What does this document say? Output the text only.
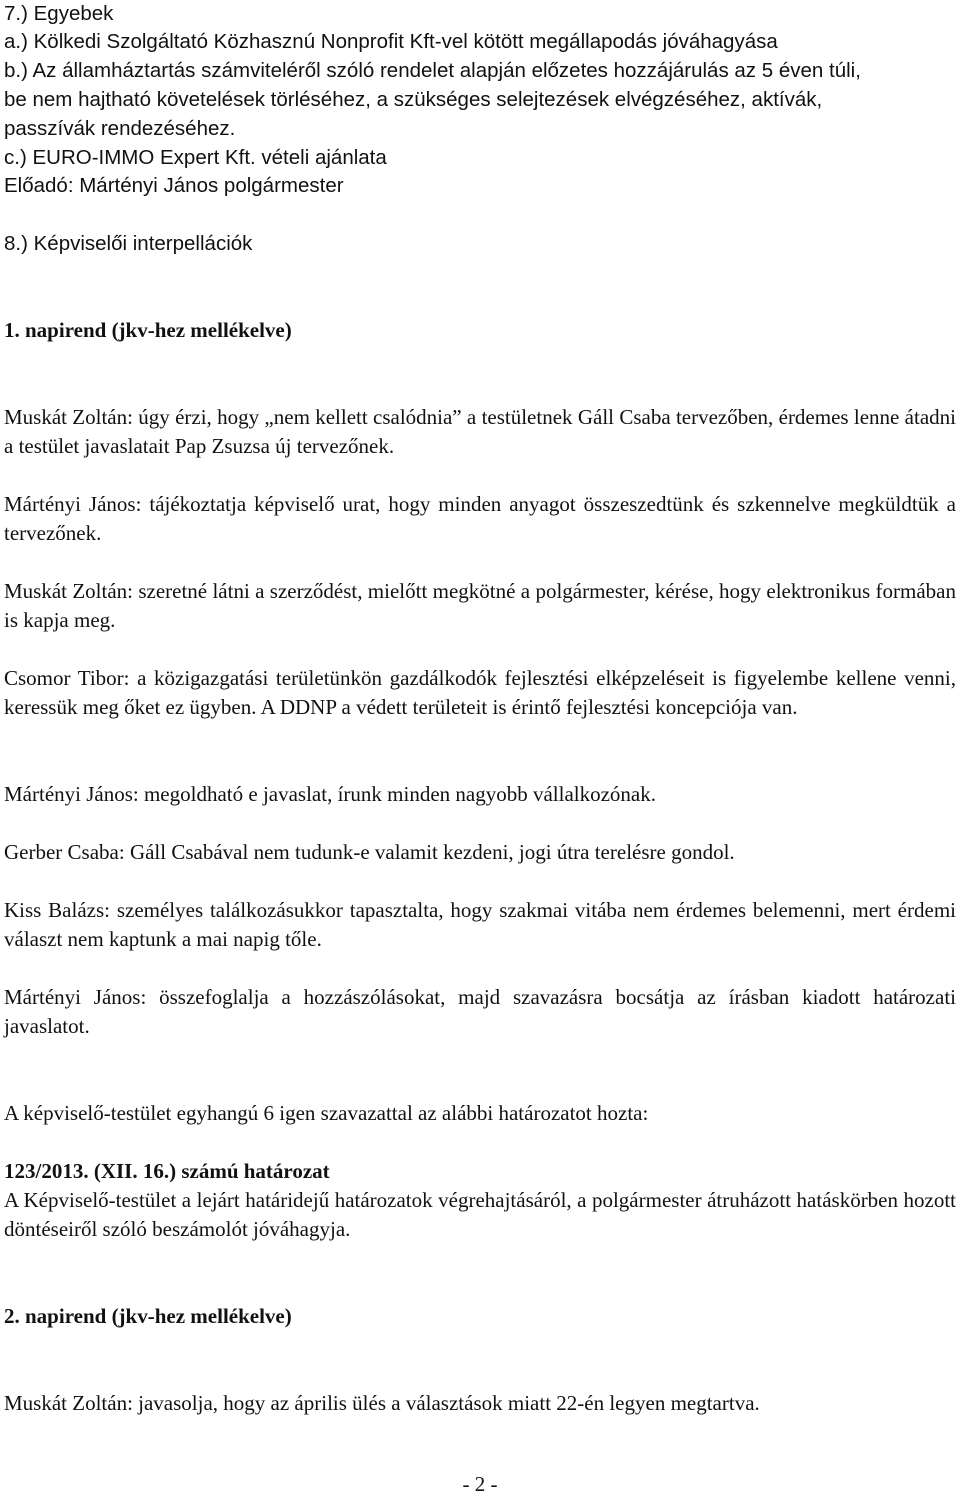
7.) Egyebek
a.) Kölkedi Szolgáltató Közhasznú Nonprofit Kft-vel kötött megállapodás jóváhagyása
b.) Az államháztartás számviteléről szóló rendelet alapján előzetes hozzájárulás az 5 éven túli,
be nem hajtható követelések törléséhez, a szükséges selejtezések elvégzéséhez, aktívák,
passzívák rendezéséhez.
c.) EURO-IMMO Expert Kft. vételi ajánlata
Előadó: Mártényi János polgármester
8.) Képviselői interpellációk
1. napirend (jkv-hez mellékelve)
Muskát Zoltán: úgy érzi, hogy „nem kellett csalódnia” a testületnek Gáll Csaba tervezőben, érdemes lenne átadni a testület javaslatait Pap Zsuzsa új tervezőnek.
Mártényi János: tájékoztatja képviselő urat, hogy minden anyagot összeszedtünk és szkennelve megküldtük a tervezőnek.
Muskát Zoltán: szeretné látni a szerződést, mielőtt megkötné a polgármester, kérése, hogy elektronikus formában is kapja meg.
Csomor Tibor: a közigazgatási területünkön gazdálkodók fejlesztési elképzeléseit is figyelembe kellene venni, keressük meg őket ez ügyben. A DDNP a védett területeit is érintő fejlesztési koncepciója van.
Mártényi János: megoldható e javaslat, írunk minden nagyobb vállalkozónak.
Gerber Csaba: Gáll Csabával nem tudunk-e valamit kezdeni, jogi útra terelésre gondol.
Kiss Balázs: személyes találkozásukkor tapasztalta, hogy szakmai vitába nem érdemes belemenni, mert érdemi választ nem kaptunk a mai napig tőle.
Mártényi János: összefoglalja a hozzászólásokat, majd szavazásra bocsátja az írásban kiadott határozati javaslatot.
A képviselő-testület egyhangú 6 igen szavazattal az alábbi határozatot hozta:
123/2013. (XII. 16.) számú határozat
A Képviselő-testület a lejárt határidejű határozatok végrehajtásáról, a polgármester átruházott hatáskörben hozott döntéseiről szóló beszámolót jóváhagyja.
2. napirend (jkv-hez mellékelve)
Muskát Zoltán: javasolja, hogy az április ülés a választások miatt 22-én legyen megtartva.
- 2 -
